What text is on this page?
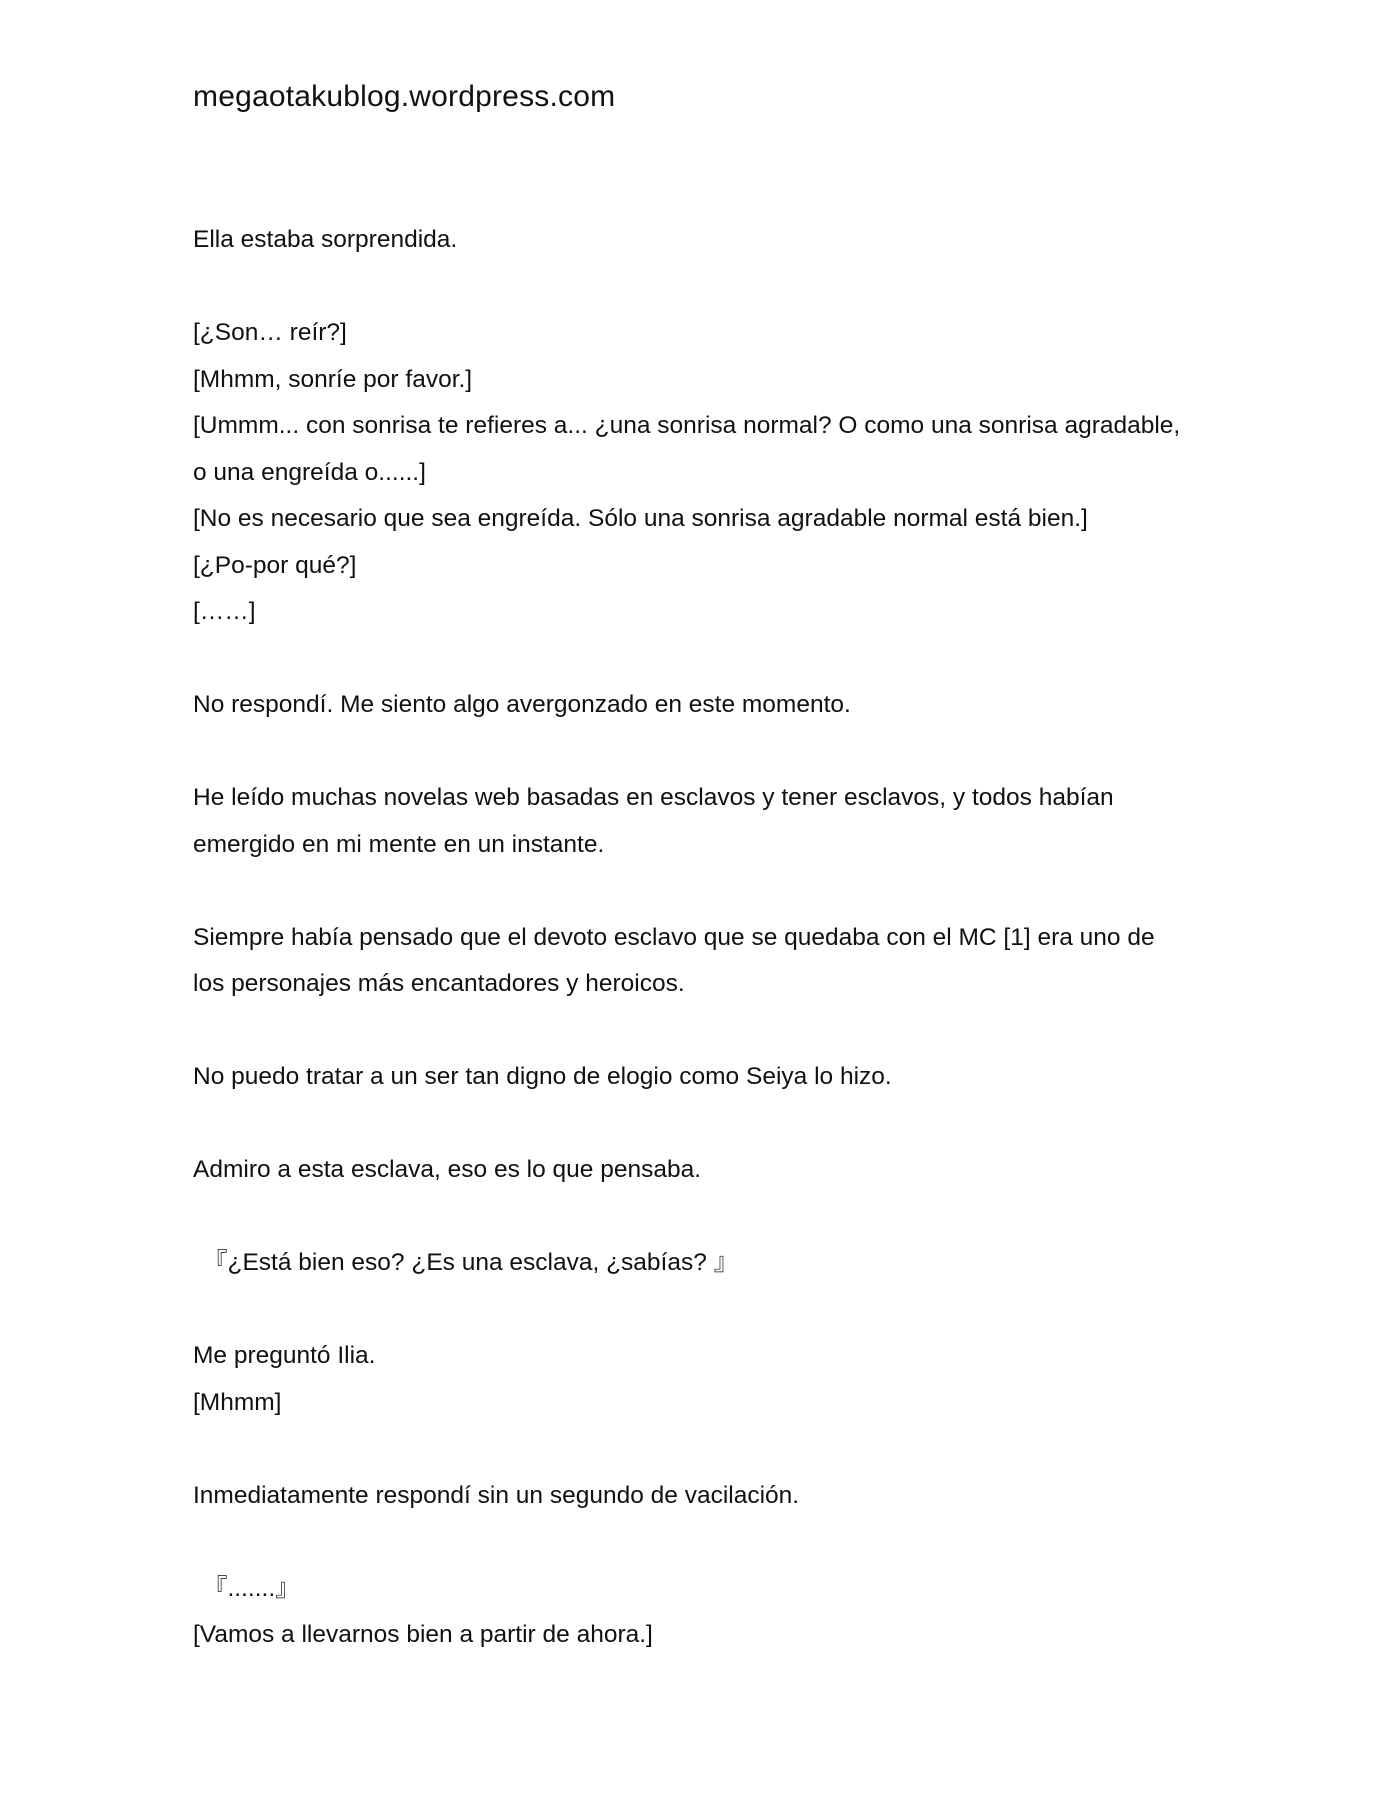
megaotakublog.wordpress.com
Ella estaba sorprendida.
[¿Son… reír?]
[Mhmm, sonríe por favor.]
[Ummm... con sonrisa te refieres a... ¿una sonrisa normal? O como una sonrisa agradable,
o una engreída o......]
[No es necesario que sea engreída. Sólo una sonrisa agradable normal está bien.]
[¿Po-por qué?]
[……]
No respondí. Me siento algo avergonzado en este momento.
He leído muchas novelas web basadas en esclavos y tener esclavos, y todos habían
emergido en mi mente en un instante.
Siempre había pensado que el devoto esclavo que se quedaba con el MC [1] era uno de
los personajes más encantadores y heroicos.
No puedo tratar a un ser tan digno de elogio como Seiya lo hizo.
Admiro a esta esclava, eso es lo que pensaba.
『¿Está bien eso? ¿Es una esclava, ¿sabías? 』
Me preguntó Ilia.
[Mhmm]
Inmediatamente respondí sin un segundo de vacilación.
『.......』
[Vamos a llevarnos bien a partir de ahora.]
